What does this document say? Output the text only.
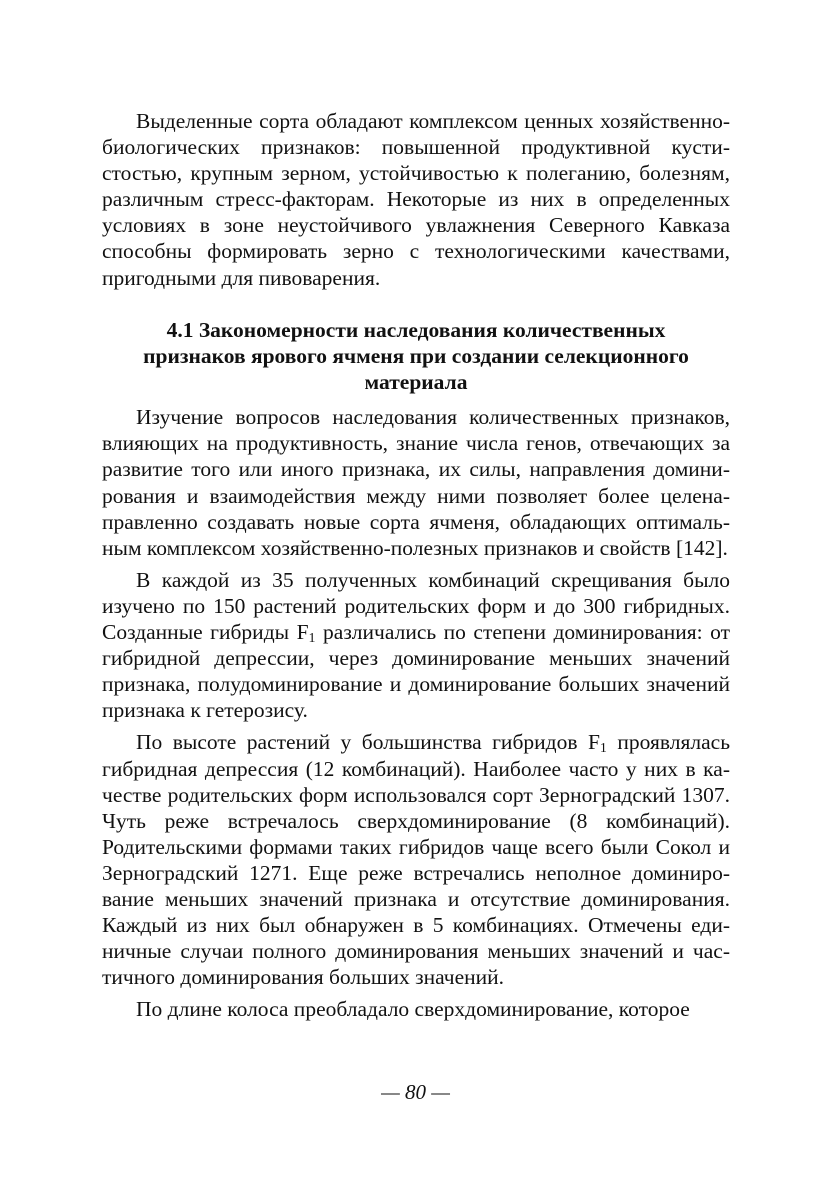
Выделенные сорта обладают комплексом ценных хозяйственно-биологических признаков: повышенной продуктивной кустистостью, крупным зерном, устойчивостью к полеганию, болезням, различным стресс-факторам. Некоторые из них в определенных условиях в зоне неустойчивого увлажнения Северного Кавказа способны формировать зерно с технологическими качествами, пригодными для пивоварения.

4.1 Закономерности наследования количественных признаков ярового ячменя при создании селекционного материала

Изучение вопросов наследования количественных признаков, влияющих на продуктивность, знание числа генов, отвечающих за развитие того или иного признака, их силы, направления доминирования и взаимодействия между ними позволяет более целенаправленно создавать новые сорта ячменя, обладающих оптимальным комплексом хозяйственно-полезных признаков и свойств [142].

В каждой из 35 полученных комбинаций скрещивания было изучено по 150 растений родительских форм и до 300 гибридных. Созданные гибриды $F_1$ различались по степени доминирования: от гибридной депрессии, через доминирование меньших значений признака, полудоминирование и доминирование больших значений признака к гетерозису.

По высоте растений у большинства гибридов $F_1$ проявлялась гибридная депрессия (12 комбинаций). Наиболее часто у них в качестве родительских форм использовался сорт Зерноградский 1307. Чуть реже встречалось сверхдоминирование (8 комбинаций). Родительскими формами таких гибридов чаще всего были Сокол и Зерноградский 1271. Еще реже встречались неполное доминирование меньших значений признака и отсутствие доминирования. Каждый из них был обнаружен в 5 комбинациях. Отмечены единичные случаи полного доминирования меньших значений и частичного доминирования больших значений.

По длине колоса преобладало сверхдоминирование, которое

— 80 —
